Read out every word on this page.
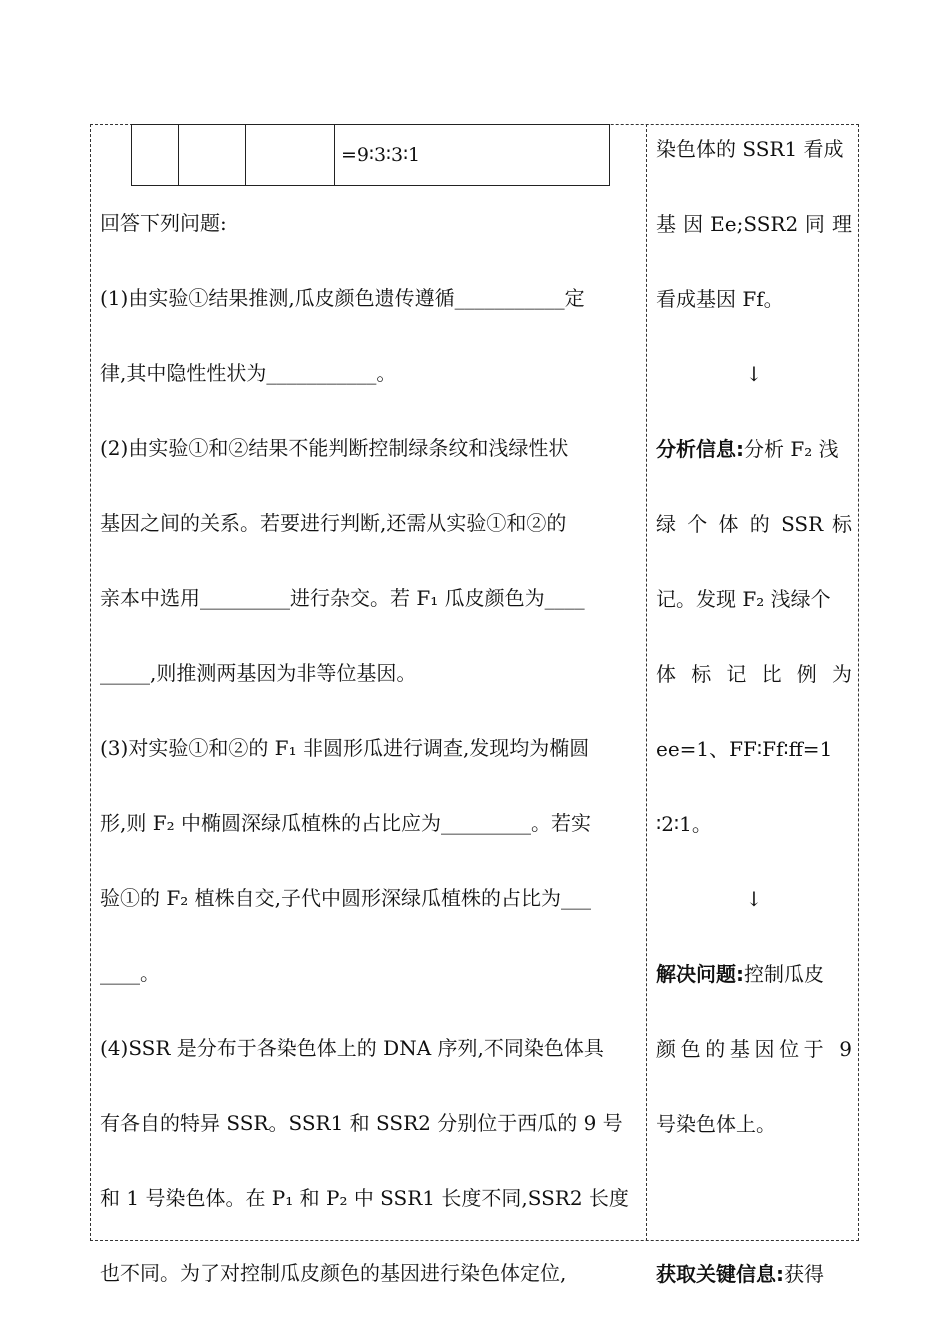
			=9∶3∶3∶1
回答下列问题:
(1)由实验①结果推测,瓜皮颜色遗传遵循___________定
律,其中隐性性状为___________。
(2)由实验①和②结果不能判断控制绿条纹和浅绿性状
基因之间的关系。若要进行判断,还需从实验①和②的
亲本中选用_________进行杂交。若 F₁ 瓜皮颜色为____
_____,则推测两基因为非等位基因。
(3)对实验①和②的 F₁ 非圆形瓜进行调查,发现均为椭圆
形,则 F₂ 中椭圆深绿瓜植株的占比应为_________。若实
验①的 F₂ 植株自交,子代中圆形深绿瓜植株的占比为___
____。
(4)SSR 是分布于各染色体上的 DNA 序列,不同染色体具
有各自的特异 SSR。SSR1 和 SSR2 分别位于西瓜的 9 号
和 1 号染色体。在 P₁ 和 P₂ 中 SSR1 长度不同,SSR2 长度
也不同。为了对控制瓜皮颜色的基因进行染色体定位,
染色体的 SSR1 看成
基 因 Ee;SSR2 同 理
看成基因 Ff。
↓
分析信息:分析 F₂ 浅
绿 个 体 的 SSR 标
记。发现 F₂ 浅绿个
体 标 记 比 例 为
ee=1、FF∶Ff∶ff=1
∶2∶1。
↓
解决问题:控制瓜皮
颜色的基因位于 9
号染色体上。
获取关键信息:获得
